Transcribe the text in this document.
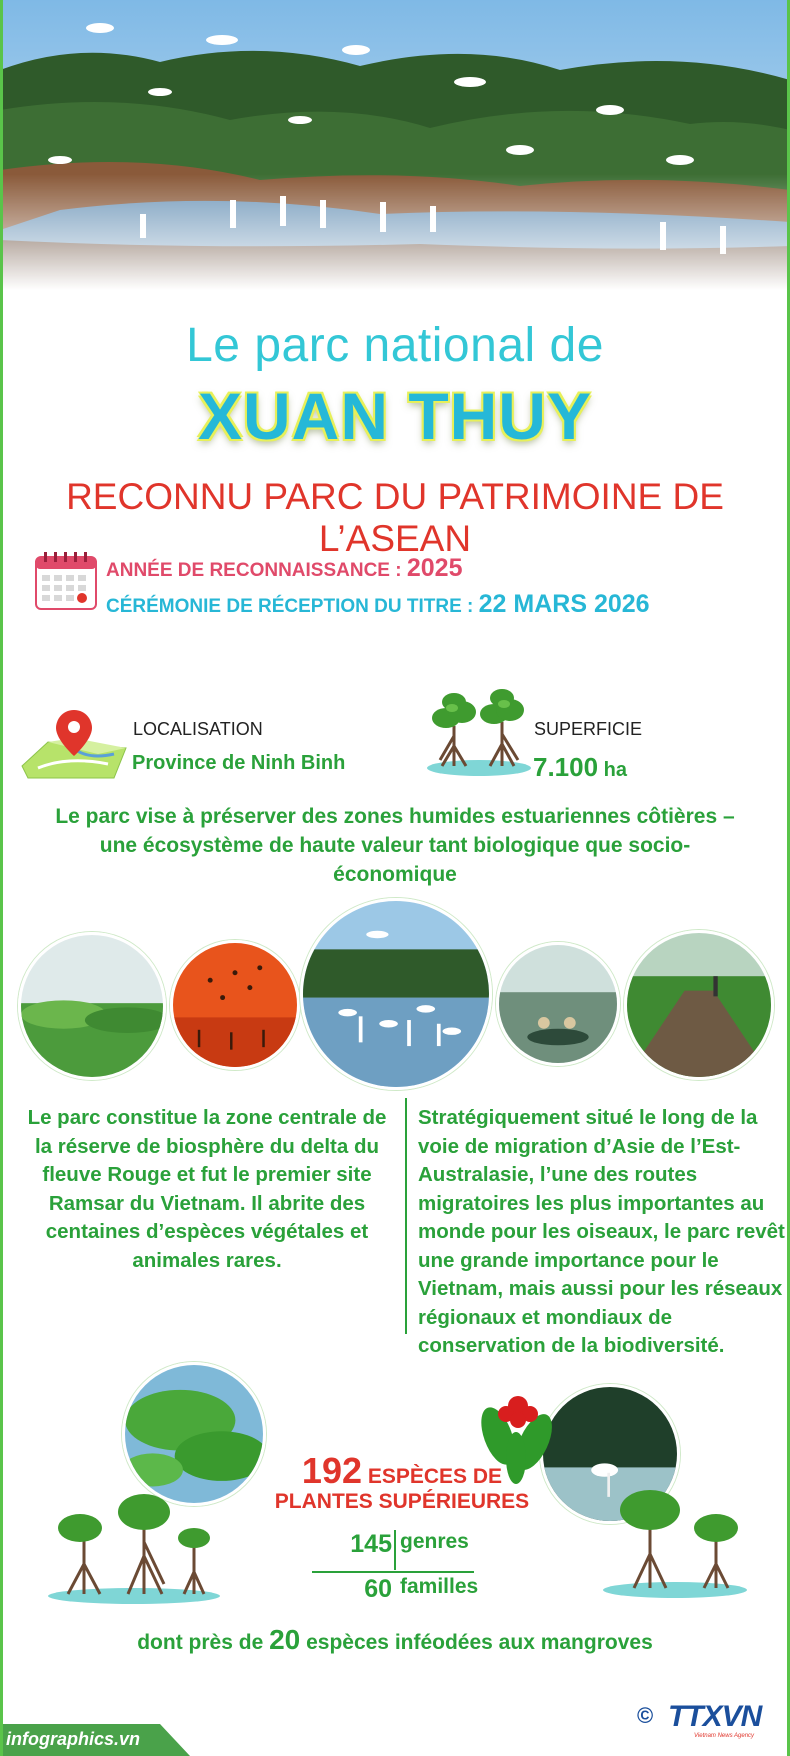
Le parc national de
XUAN THUY
RECONNU PARC DU PATRIMOINE DE L’ASEAN
ANNÉE DE RECONNAISSANCE : 2025
CÉRÉMONIE DE RÉCEPTION DU TITRE : 22 MARS 2026
LOCALISATION
Province de Ninh Binh
SUPERFICIE
7.100 ha
Le parc vise à préserver des zones humides estuariennes côtières – une écosystème de haute valeur tant biologique que socio-économique
Le parc constitue la zone centrale de la réserve de biosphère du delta du fleuve Rouge et fut le premier site Ramsar du Vietnam. Il abrite des centaines d’espèces végétales et animales rares.
Stratégiquement situé le long de la voie de migration d’Asie de l’Est-Australasie, l’une des routes migratoires les plus importantes au monde pour les oiseaux, le parc revêt une grande importance pour le Vietnam, mais aussi pour les réseaux régionaux et mondiaux de conservation de la biodiversité.
192 ESPÈCES DE
PLANTES SUPÉRIEURES
145 genres
60 familles
dont près de 20 espèces inféodées aux mangroves
infographics.vn
© TTXVN
Vietnam News Agency
